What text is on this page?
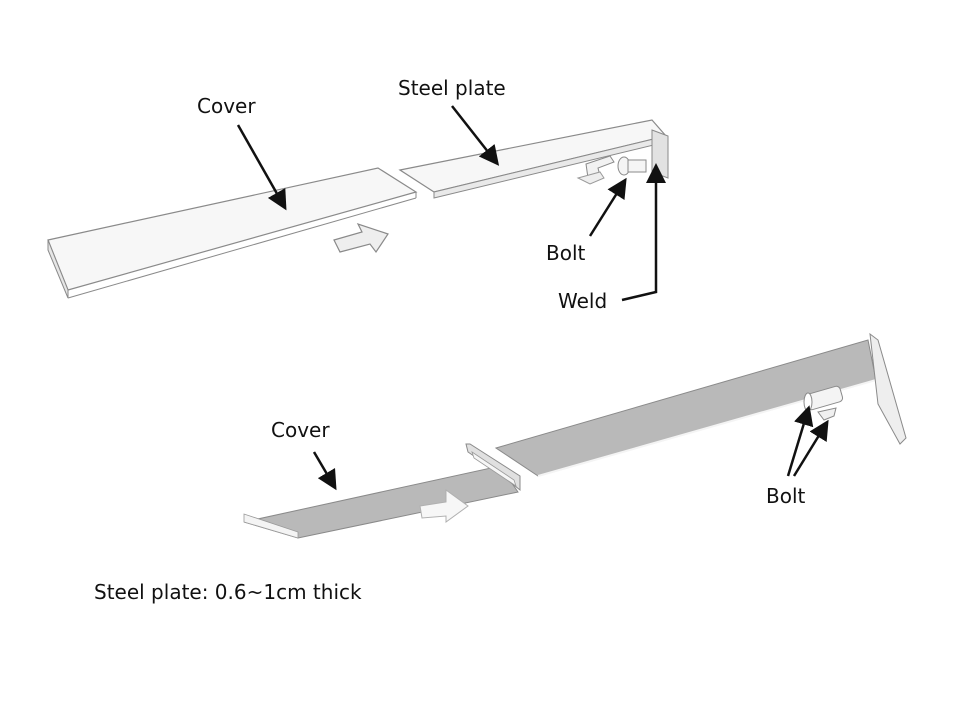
Cover
Steel plate
Bolt
Weld
Cover
Bolt
Steel plate: 0.6~1cm thick
